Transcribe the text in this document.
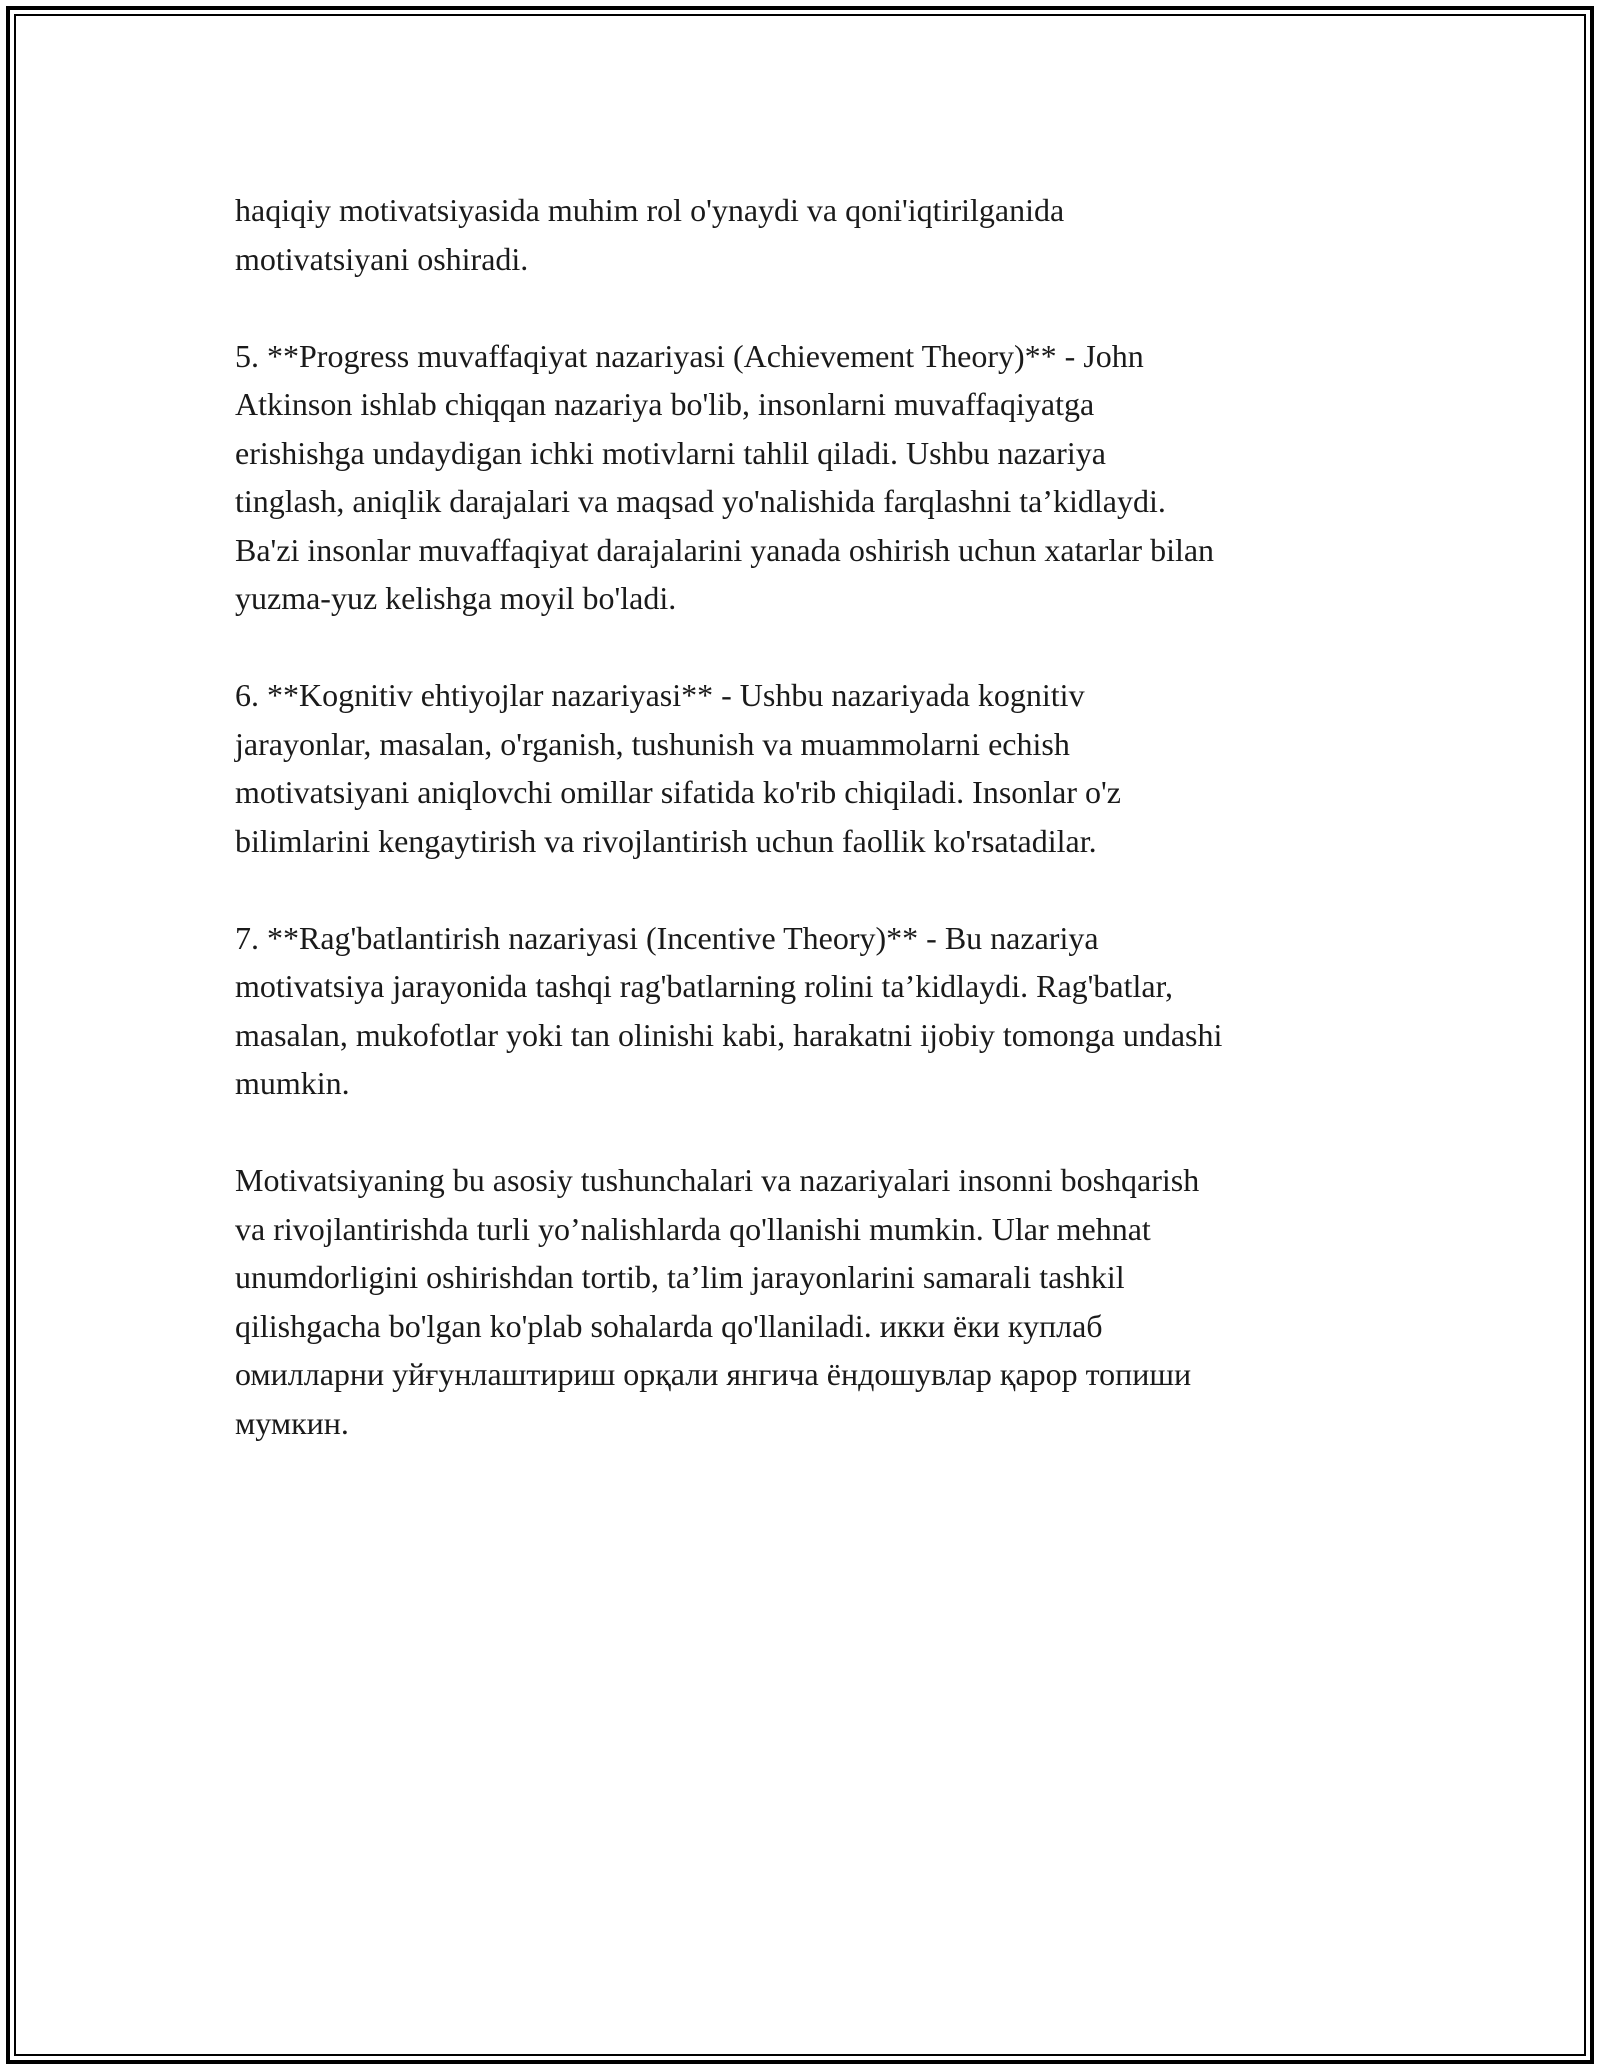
haqiqiy motivatsiyasida muhim rol o'ynaydi va qoni'iqtirilganida
motivatsiyani oshiradi.

5. **Progress muvaffaqiyat nazariyasi (Achievement Theory)** - John
Atkinson ishlab chiqqan nazariya bo'lib, insonlarni muvaffaqiyatga
erishishga undaydigan ichki motivlarni tahlil qiladi. Ushbu nazariya
tinglash, aniqlik darajalari va maqsad yo'nalishida farqlashni ta’kidlaydi.
Ba'zi insonlar muvaffaqiyat darajalarini yanada oshirish uchun xatarlar bilan
yuzma-yuz kelishga moyil bo'ladi.

6. **Kognitiv ehtiyojlar nazariyasi** - Ushbu nazariyada kognitiv
jarayonlar, masalan, o'rganish, tushunish va muammolarni echish
motivatsiyani aniqlovchi omillar sifatida ko'rib chiqiladi. Insonlar o'z
bilimlarini kengaytirish va rivojlantirish uchun faollik ko'rsatadilar.

7. **Rag'batlantirish nazariyasi (Incentive Theory)** - Bu nazariya
motivatsiya jarayonida tashqi rag'batlarning rolini ta’kidlaydi. Rag'batlar,
masalan, mukofotlar yoki tan olinishi kabi, harakatni ijobiy tomonga undashi
mumkin.

Motivatsiyaning bu asosiy tushunchalari va nazariyalari insonni boshqarish
va rivojlantirishda turli yo’nalishlarda qo'llanishi mumkin. Ular mehnat
unumdorligini oshirishdan tortib, ta’lim jarayonlarini samarali tashkil
qilishgacha bo'lgan ko'plab sohalarda qo'llaniladi. икки ёки куплаб
омилларни уйғунлаштириш орқали янгича ёндошувлар қарор топиши
мумкин.
